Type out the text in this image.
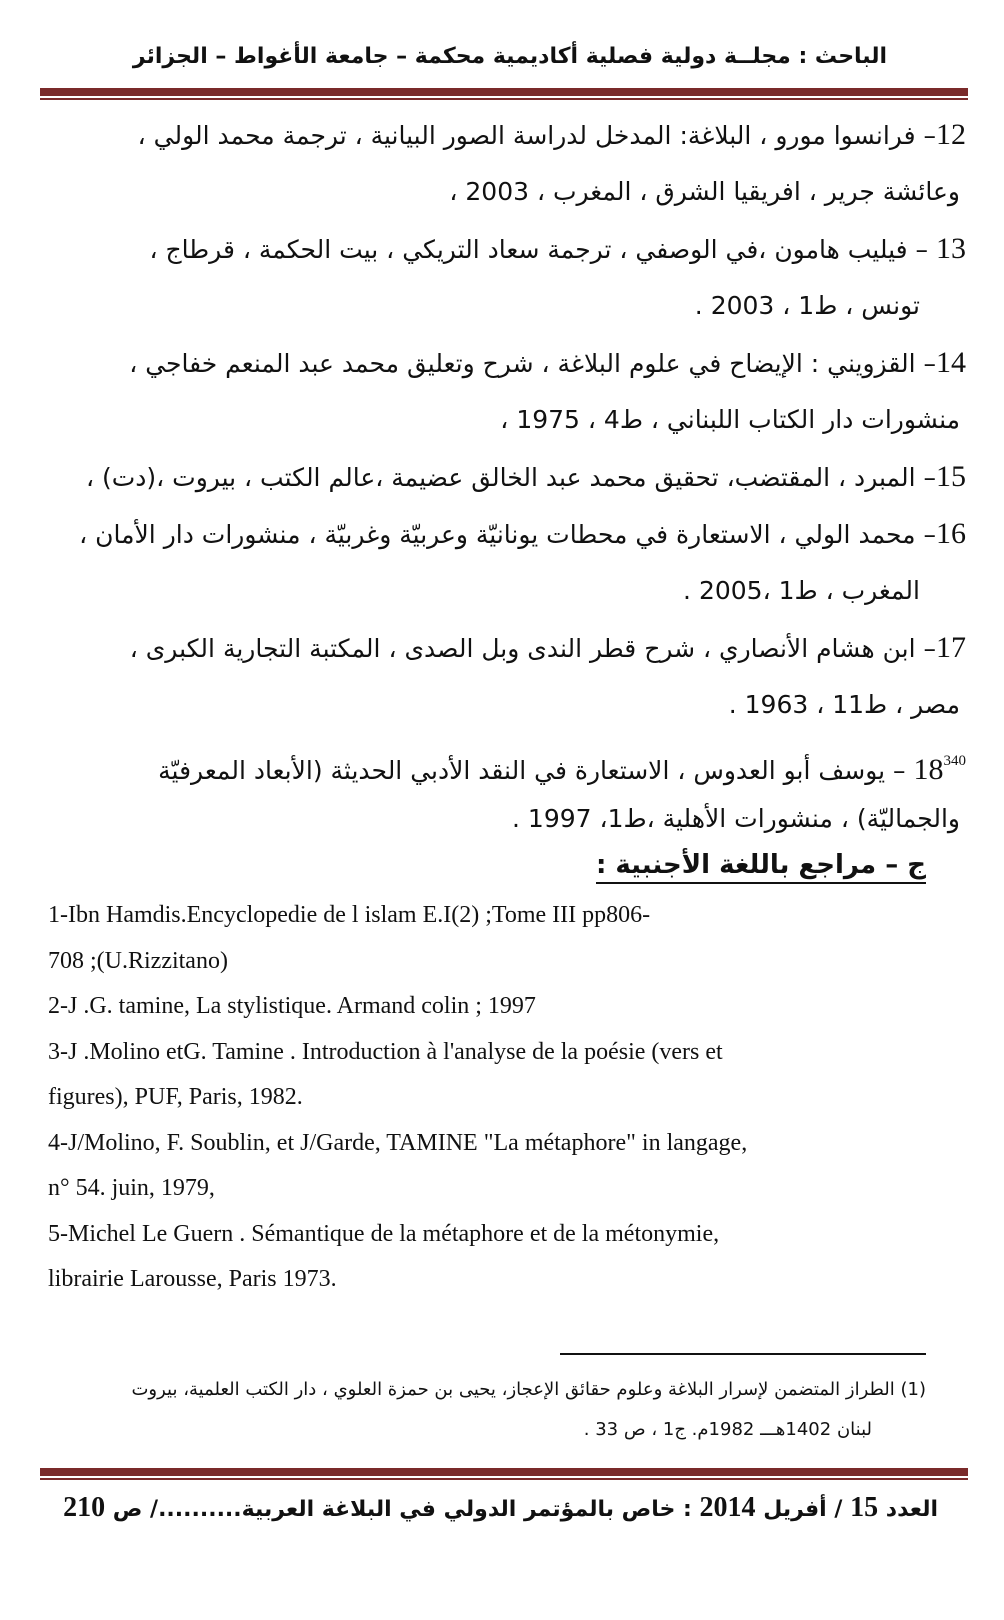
الباحث : مجلــة دولية فصلية أكاديمية محكمة – جامعة الأغواط – الجزائر
12– فرانسوا مورو ، البلاغة: المدخل لدراسة الصور البيانية ، ترجمة محمد الولي ،
وعائشة جرير ، افريقيا الشرق ، المغرب ، 2003 ،
13 – فيليب هامون ،في الوصفي ، ترجمة سعاد التريكي ، بيت الحكمة ، قرطاج ،
تونس ، ط1 ، 2003 .
14– القزويني : الإيضاح في علوم البلاغة ، شرح وتعليق محمد عبد المنعم خفاجي ،
منشورات دار الكتاب اللبناني ، ط4 ، 1975 ،
15– المبرد ، المقتضب، تحقيق محمد عبد الخالق عضيمة ،عالم الكتب ، بيروت ،(دت) ،
16– محمد الولي ، الاستعارة في محطات يونانيّة وعربيّة وغربيّة ، منشورات دار الأمان ،
المغرب ، ط1 ،2005 .
17– ابن هشام الأنصاري ، شرح قطر الندى وبل الصدى ، المكتبة التجارية الكبرى ،
مصر ، ط11 ، 1963 .
18$^{340}$ – يوسف أبو العدوس ، الاستعارة في النقد الأدبي الحديثة (الأبعاد المعرفيّة
والجماليّة) ، منشورات الأهلية ،ط1، 1997 .
ج – مراجع باللغة الأجنبية :
1-Ibn Hamdis.Encyclopedie de l islam E.I(2) ;Tome III pp806-
708 ;(U.Rizzitano)
2-J .G. tamine, La stylistique. Armand colin ; 1997
3-J .Molino etG. Tamine . Introduction à l'analyse de la poésie (vers et
figures), PUF, Paris, 1982.
4-J/Molino, F. Soublin, et J/Garde, TAMINE "La métaphore" in langage,
n° 54. juin, 1979,
5-Michel Le Guern . Sémantique de la métaphore et de la métonymie,
librairie Larousse, Paris 1973.
(1) الطراز المتضمن لإسرار البلاغة وعلوم حقائق الإعجاز، يحيى بن حمزة العلوي ، دار الكتب العلمية، بيروت
لبنان 1402هـــ 1982م. ج1 ، ص 33 .
العدد 15 / أفريل 2014 : خاص بالمؤتمر الدولي في البلاغة العربية........../ ص 210
